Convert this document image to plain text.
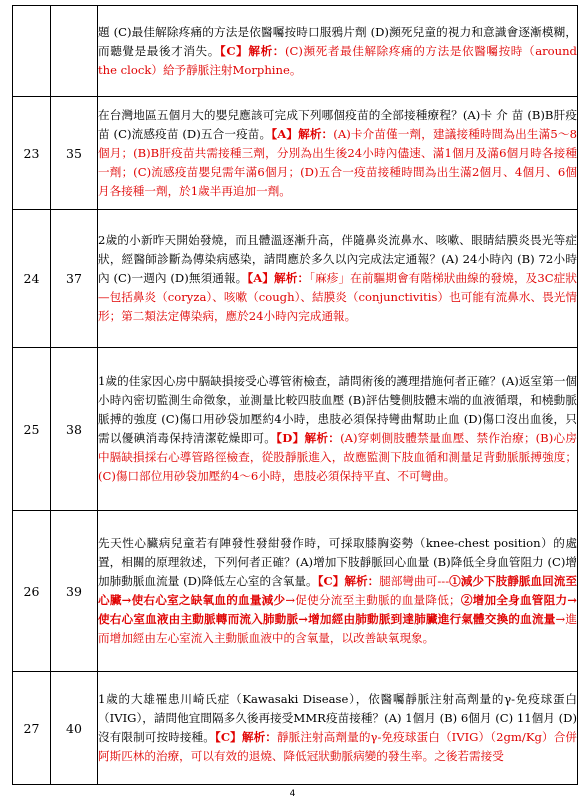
		題 (C)最佳解除疼痛的方法是依醫囑按時口服鴉片劑 (D)瀕死兒童的視力和意識會逐漸模糊，而聽覺是最後才消失。【C】解析：(C)瀕死者最佳解除疼痛的方法是依醫囑按時（around the clock）給予靜脈注射Morphine。
23	35	在台灣地區五個月大的嬰兒應該可完成下列哪個疫苗的全部接種療程？(A)卡 介 苗 (B)B肝疫苗 (C)流感疫苗 (D)五合一疫苗。【A】解析：(A)卡介苗僅一劑，建議接種時間為出生滿5～8個月；(B)B肝疫苗共需接種三劑，分別為出生後24小時內儘速、滿1個月及滿6個月時各接種一劑；(C)流感疫苗嬰兒需年滿6個月；(D)五合一疫苗接種時間為出生滿2個月、4個月、6個月各接種一劑，於1歲半再追加一劑。
24	37	2歲的小新昨天開始發燒，而且體溫逐漸升高，伴隨鼻炎流鼻水、咳嗽、眼睛結膜炎畏光等症狀，經醫師診斷為傳染病感染，請問應於多久以內完成法定通報？(A) 24小時內 (B) 72小時內 (C)一週內 (D)無須通報。【A】解析：「麻疹」在前驅期會有階梯狀曲線的發燒，及3C症狀—包括鼻炎（coryza）、咳嗽（cough）、結膜炎（conjunctivitis）也可能有流鼻水、畏光情形；第二類法定傳染病，應於24小時內完成通報。
25	38	1歲的佳家因心房中膈缺損接受心導管術檢查，請問術後的護理措施何者正確？(A)返室第一個小時內密切監測生命徵象，並測量比較四肢血壓 (B)評估雙側肢體末端的血液循環，和橈動脈脈搏的強度 (C)傷口用砂袋加壓約4小時，患肢必須保持彎曲幫助止血 (D)傷口沒出血後，只需以優碘消毒保持清潔乾燥即可。【D】解析：(A)穿刺側肢體禁量血壓、禁作治療；(B)心房中膈缺損採右心導管路徑檢查，從股靜脈進入，故應監測下肢血循和測量足背動脈脈搏強度；(C)傷口部位用砂袋加壓約4～6小時，患肢必須保持平直、不可彎曲。
26	39	先天性心臟病兒童若有陣發性發紺發作時，可採取膝胸姿勢（knee-chest position）的處置，相關的原理敘述，下列何者正確？(A)增加下肢靜脈回心血量 (B)降低全身血管阻力 (C)增加肺動脈血流量 (D)降低左心室的含氧量。【C】解析：腿部彎曲可---①減少下肢靜脈血回流至心臟→使右心室之缺氧血的血量減少→促使分流至主動脈的血量降低；②增加全身血管阻力→使右心室血液由主動脈轉而流入肺動脈→增加經由肺動脈到達肺臟進行氣體交換的血流量→進而增加經由左心室流入主動脈血液中的含氧量，以改善缺氧現象。
27	40	1歲的大雄罹患川崎氏症（Kawasaki Disease），依醫囑靜脈注射高劑量的γ-免疫球蛋白（IVIG），請問他宜間隔多久後再接受MMR疫苗接種？(A) 1個月 (B) 6個月 (C) 11個月 (D)沒有限制可按時接種。【C】解析：靜脈注射高劑量的γ-免疫球蛋白（IVIG）（2gm/Kg）合併阿斯匹林的治療，可以有效的退燒、降低冠狀動脈病變的發生率。之後若需接受
4
